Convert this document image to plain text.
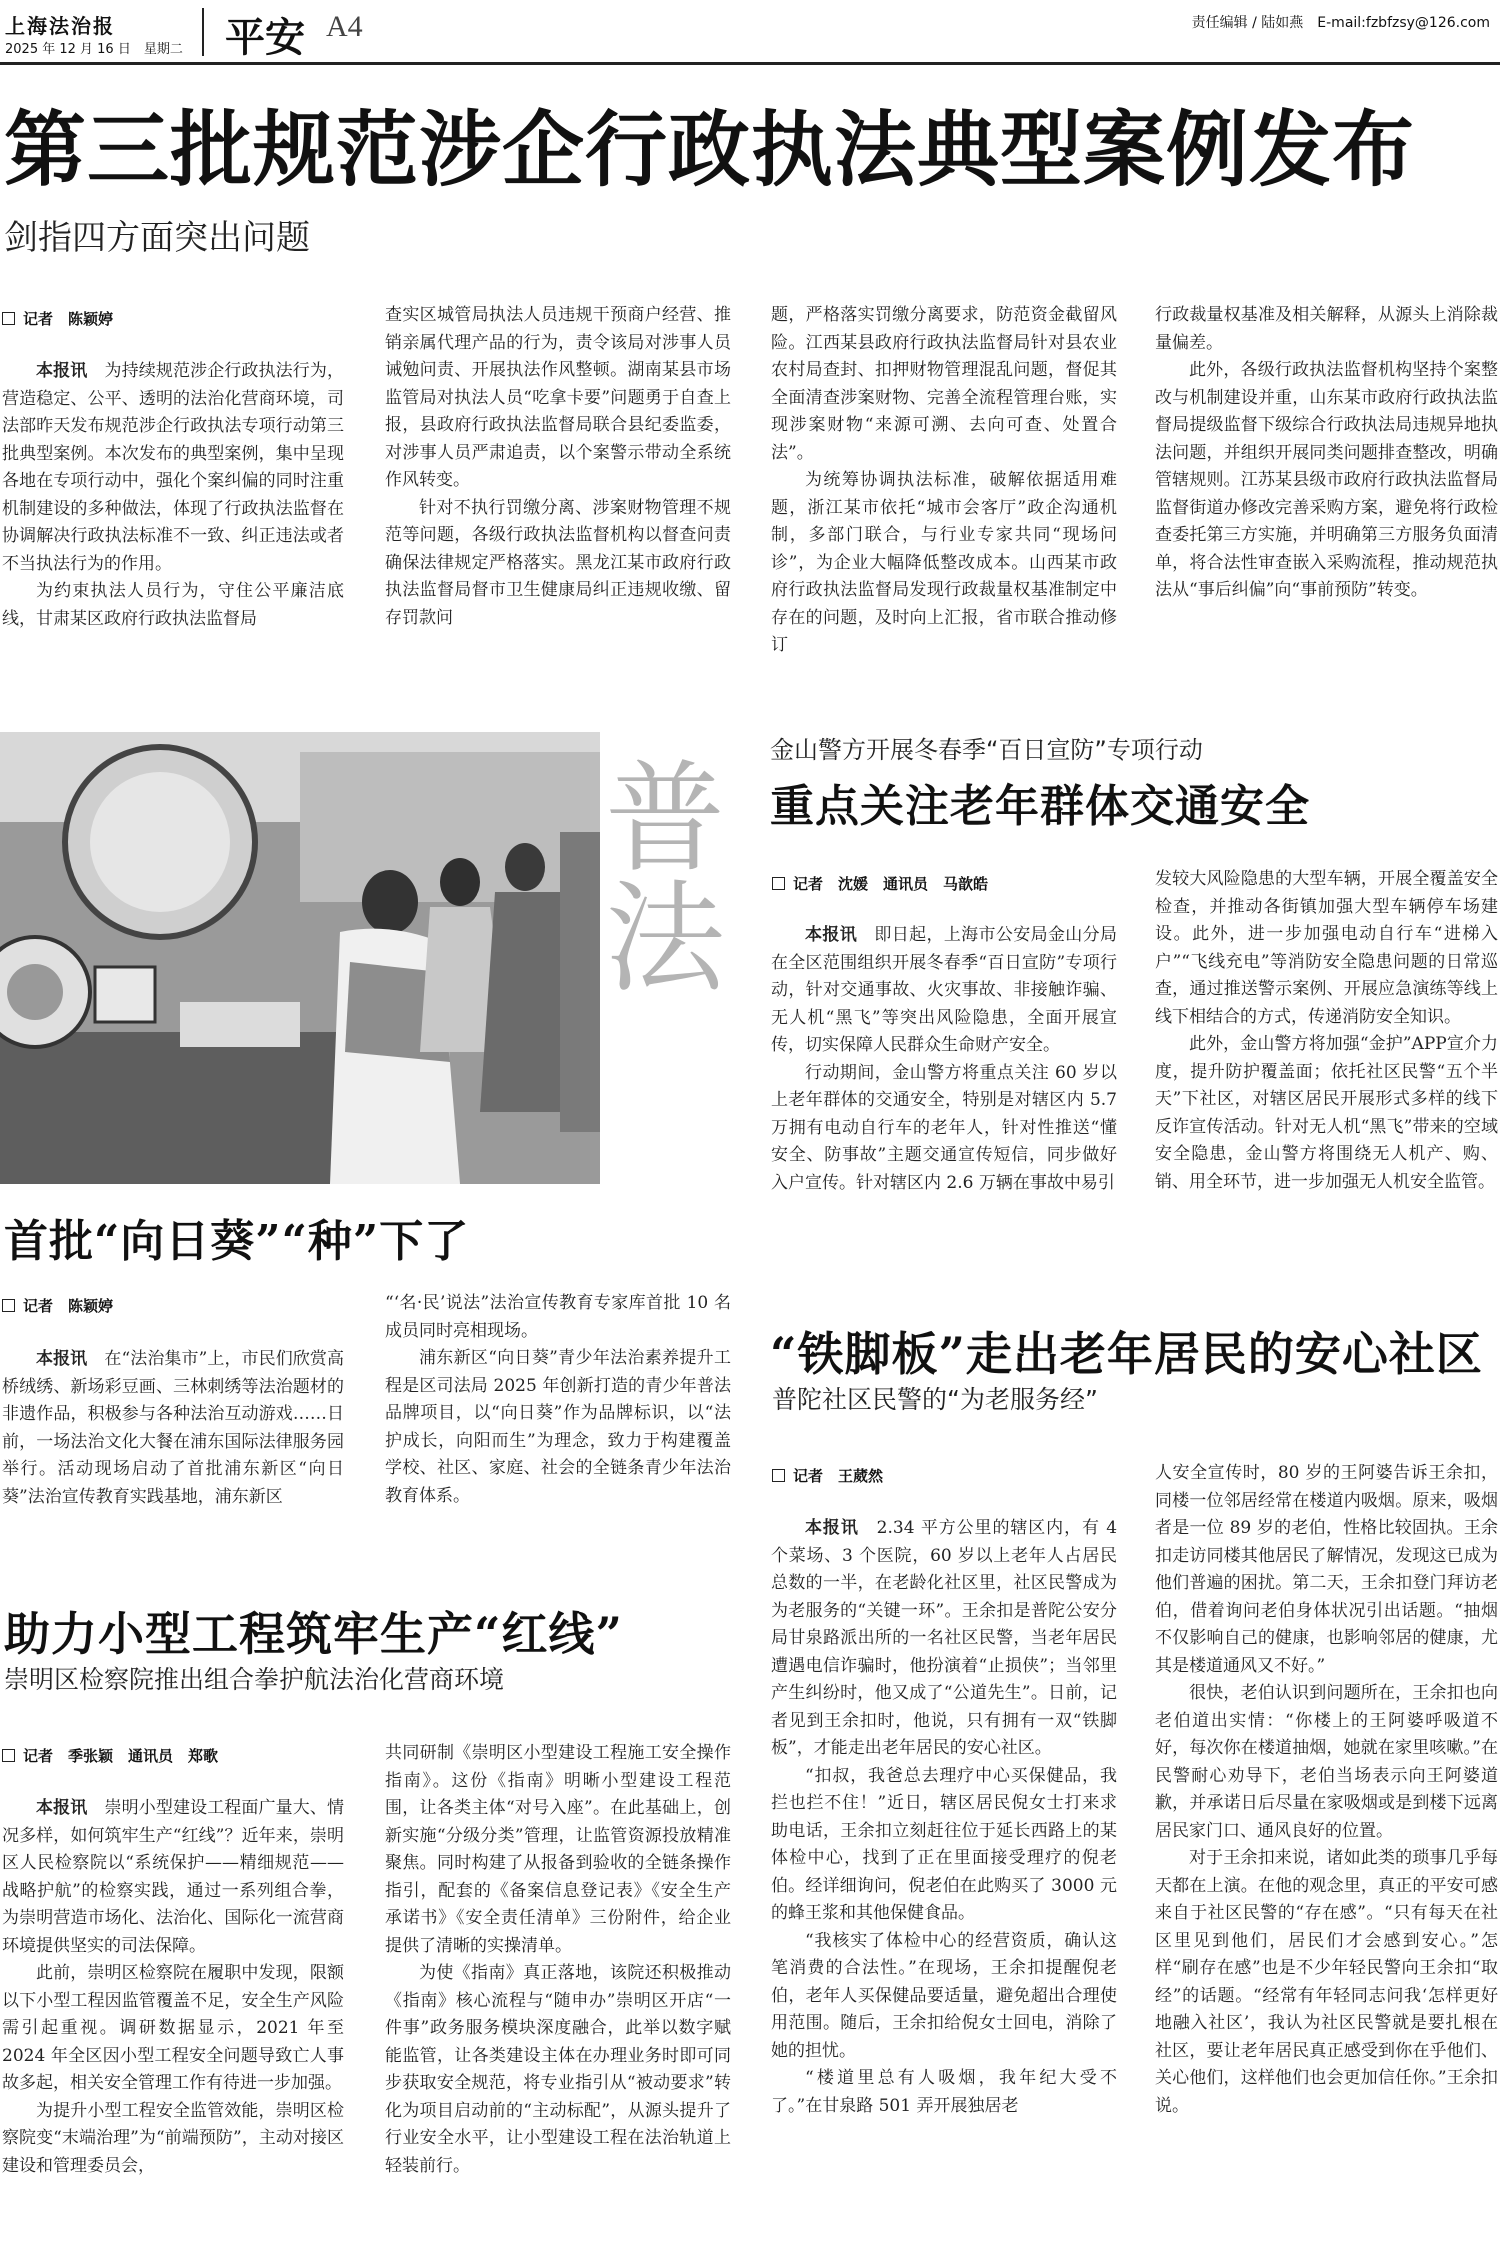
上海法治报
2025 年 12 月 16 日　星期二 平安 A4	责任编辑 / 陆如燕　E-mail:fzbfzsy@126.com
第三批规范涉企行政执法典型案例发布
剑指四方面突出问题
记者　陈颖婷

本报讯　 为持续规范涉企行政执法行为，营造稳定、公平、透明的法治化营商环境，司法部昨天发布规范涉企行政执法专项行动第三批典型案例。本次发布的典型案例，集中呈现各地在专项行动中，强化个案纠偏的同时注重机制建设的多种做法，体现了行政执法监督在协调解决行政执法标准不一致、纠正违法或者不当执法行为的作用。

为约束执法人员行为，守住公平廉洁底线，甘肃某区政府行政执法监督局

查实区城管局执法人员违规干预商户经营、推销亲属代理产品的行为，责令该局对涉事人员诫勉问责、开展执法作风整顿。湖南某县市场监管局对执法人员“吃拿卡要”问题勇于自查上报，县政府行政执法监督局联合县纪委监委，对涉事人员严肃追责，以个案警示带动全系统作风转变。

针对不执行罚缴分离、涉案财物管理不规范等问题，各级行政执法监督机构以督查问责确保法律规定严格落实。黑龙江某市政府行政执法监督局督市卫生健康局纠正违规收缴、留存罚款问

题，严格落实罚缴分离要求，防范资金截留风险。江西某县政府行政执法监督局针对县农业农村局查封、扣押财物管理混乱问题，督促其全面清查涉案财物、完善全流程管理台账，实现涉案财物“来源可溯、去向可查、处置合法”。

为统筹协调执法标准，破解依据适用难题，浙江某市依托“城市会客厅”政企沟通机制，多部门联合，与行业专家共同“现场问诊”，为企业大幅降低整改成本。山西某市政府行政执法监督局发现行政裁量权基准制定中存在的问题，及时向上汇报，省市联合推动修订

行政裁量权基准及相关解释，从源头上消除裁量偏差。

此外，各级行政执法监督机构坚持个案整改与机制建设并重，山东某市政府行政执法监督局提级监督下级综合行政执法局违规异地执法问题，并组织开展同类问题排查整改，明确管辖规则。江苏某县级市政府行政执法监督局监督街道办修改完善采购方案，避免将行政检查委托第三方实施，并明确第三方服务负面清单，将合法性审查嵌入采购流程，推动规范执法从“事后纠偏”向“事前预防”转变。

普法
首批“向日葵”“种”下了
记者　陈颖婷

本报讯　 在“法治集市”上，市民们欣赏高桥绒绣、新场彩豆画、三林刺绣等法治题材的非遗作品，积极参与各种法治互动游戏……日前，一场法治文化大餐在浦东国际法律服务园举行。活动现场启动了首批浦东新区“向日葵”法治宣传教育实践基地，浦东新区

“‘名·民’说法”法治宣传教育专家库首批 10 名成员同时亮相现场。

浦东新区“向日葵”青少年法治素养提升工程是区司法局 2025 年创新打造的青少年普法品牌项目，以“向日葵”作为品牌标识，以“法护成长，向阳而生”为理念，致力于构建覆盖学校、社区、家庭、社会的全链条青少年法治教育体系。

金山警方开展冬春季“百日宣防”专项行动
重点关注老年群体交通安全
记者　沈媛　通讯员　马歆皓

本报讯　 即日起，上海市公安局金山分局在全区范围组织开展冬春季“百日宣防”专项行动，针对交通事故、火灾事故、非接触诈骗、无人机“黑飞”等突出风险隐患，全面开展宣传，切实保障人民群众生命财产安全。

行动期间，金山警方将重点关注 60 岁以上老年群体的交通安全，特别是对辖区内 5.7 万拥有电动自行车的老年人，针对性推送“懂安全、防事故”主题交通宣传短信，同步做好入户宣传。针对辖区内 2.6 万辆在事故中易引

发较大风险隐患的大型车辆，开展全覆盖安全检查，并推动各街镇加强大型车辆停车场建设。此外，进一步加强电动自行车“进梯入户”“飞线充电”等消防安全隐患问题的日常巡查，通过推送警示案例、开展应急演练等线上线下相结合的方式，传递消防安全知识。

此外，金山警方将加强“金护”APP宣介力度，提升防护覆盖面；依托社区民警“五个半天”下社区，对辖区居民开展形式多样的线下反诈宣传活动。针对无人机“黑飞”带来的空域安全隐患，金山警方将围绕无人机产、购、销、用全环节，进一步加强无人机安全监管。

助力小型工程筑牢生产“红线”
崇明区检察院推出组合拳护航法治化营商环境
记者　季张颖　通讯员　郑歌

本报讯　 崇明小型建设工程面广量大、情况多样，如何筑牢生产“红线”？近年来，崇明区人民检察院以“系统保护——精细规范——战略护航”的检察实践，通过一系列组合拳，为崇明营造市场化、法治化、国际化一流营商环境提供坚实的司法保障。

此前，崇明区检察院在履职中发现，限额以下小型工程因监管覆盖不足，安全生产风险需引起重视。调研数据显示，2021 年至 2024 年全区因小型工程安全问题导致亡人事故多起，相关安全管理工作有待进一步加强。

为提升小型工程安全监管效能，崇明区检察院变“末端治理”为“前端预防”，主动对接区建设和管理委员会，

共同研制《崇明区小型建设工程施工安全操作指南》。这份《指南》明晰小型建设工程范围，让各类主体“对号入座”。在此基础上，创新实施“分级分类”管理，让监管资源投放精准聚焦。同时构建了从报备到验收的全链条操作指引，配套的《备案信息登记表》《安全生产承诺书》《安全责任清单》三份附件，给企业提供了清晰的实操清单。

为使《指南》真正落地，该院还积极推动《指南》核心流程与“随申办”崇明区开店“一件事”政务服务模块深度融合，此举以数字赋能监管，让各类建设主体在办理业务时即可同步获取安全规范，将专业指引从“被动要求”转化为项目启动前的“主动标配”，从源头提升了行业安全水平，让小型建设工程在法治轨道上轻装前行。

“铁脚板”走出老年居民的安心社区
普陀社区民警的“为老服务经”
记者　王葳然

本报讯　 2.34 平方公里的辖区内，有 4 个菜场、3 个医院，60 岁以上老年人占居民总数的一半，在老龄化社区里，社区民警成为为老服务的“关键一环”。王余扣是普陀公安分局甘泉路派出所的一名社区民警，当老年居民遭遇电信诈骗时，他扮演着“止损侠”；当邻里产生纠纷时，他又成了“公道先生”。日前，记者见到王余扣时，他说，只有拥有一双“铁脚板”，才能走出老年居民的安心社区。

“扣叔，我爸总去理疗中心买保健品，我拦也拦不住！”近日，辖区居民倪女士打来求助电话，王余扣立刻赶往位于延长西路上的某体检中心，找到了正在里面接受理疗的倪老伯。经详细询问，倪老伯在此购买了 3000 元的蜂王浆和其他保健食品。

“我核实了体检中心的经营资质，确认这笔消费的合法性。”在现场，王余扣提醒倪老伯，老年人买保健品要适量，避免超出合理使用范围。随后，王余扣给倪女士回电，消除了她的担忧。

“楼道里总有人吸烟，我年纪大受不了。”在甘泉路 501 弄开展独居老

人安全宣传时，80 岁的王阿婆告诉王余扣，同楼一位邻居经常在楼道内吸烟。原来，吸烟者是一位 89 岁的老伯，性格比较固执。王余扣走访同楼其他居民了解情况，发现这已成为他们普遍的困扰。第二天，王余扣登门拜访老伯，借着询问老伯身体状况引出话题。“抽烟不仅影响自己的健康，也影响邻居的健康，尤其是楼道通风又不好。”

很快，老伯认识到问题所在，王余扣也向老伯道出实情：“你楼上的王阿婆呼吸道不好，每次你在楼道抽烟，她就在家里咳嗽。”在民警耐心劝导下，老伯当场表示向王阿婆道歉，并承诺日后尽量在家吸烟或是到楼下远离居民家门口、通风良好的位置。

对于王余扣来说，诸如此类的琐事几乎每天都在上演。在他的观念里，真正的平安可感来自于社区民警的“存在感”。“只有每天在社区里见到他们，居民们才会感到安心。”怎样“刷存在感”也是不少年轻民警向王余扣“取经”的话题。“经常有年轻同志问我‘怎样更好地融入社区’，我认为社区民警就是要扎根在社区，要让老年居民真正感受到你在乎他们、关心他们，这样他们也会更加信任你。”王余扣说。
